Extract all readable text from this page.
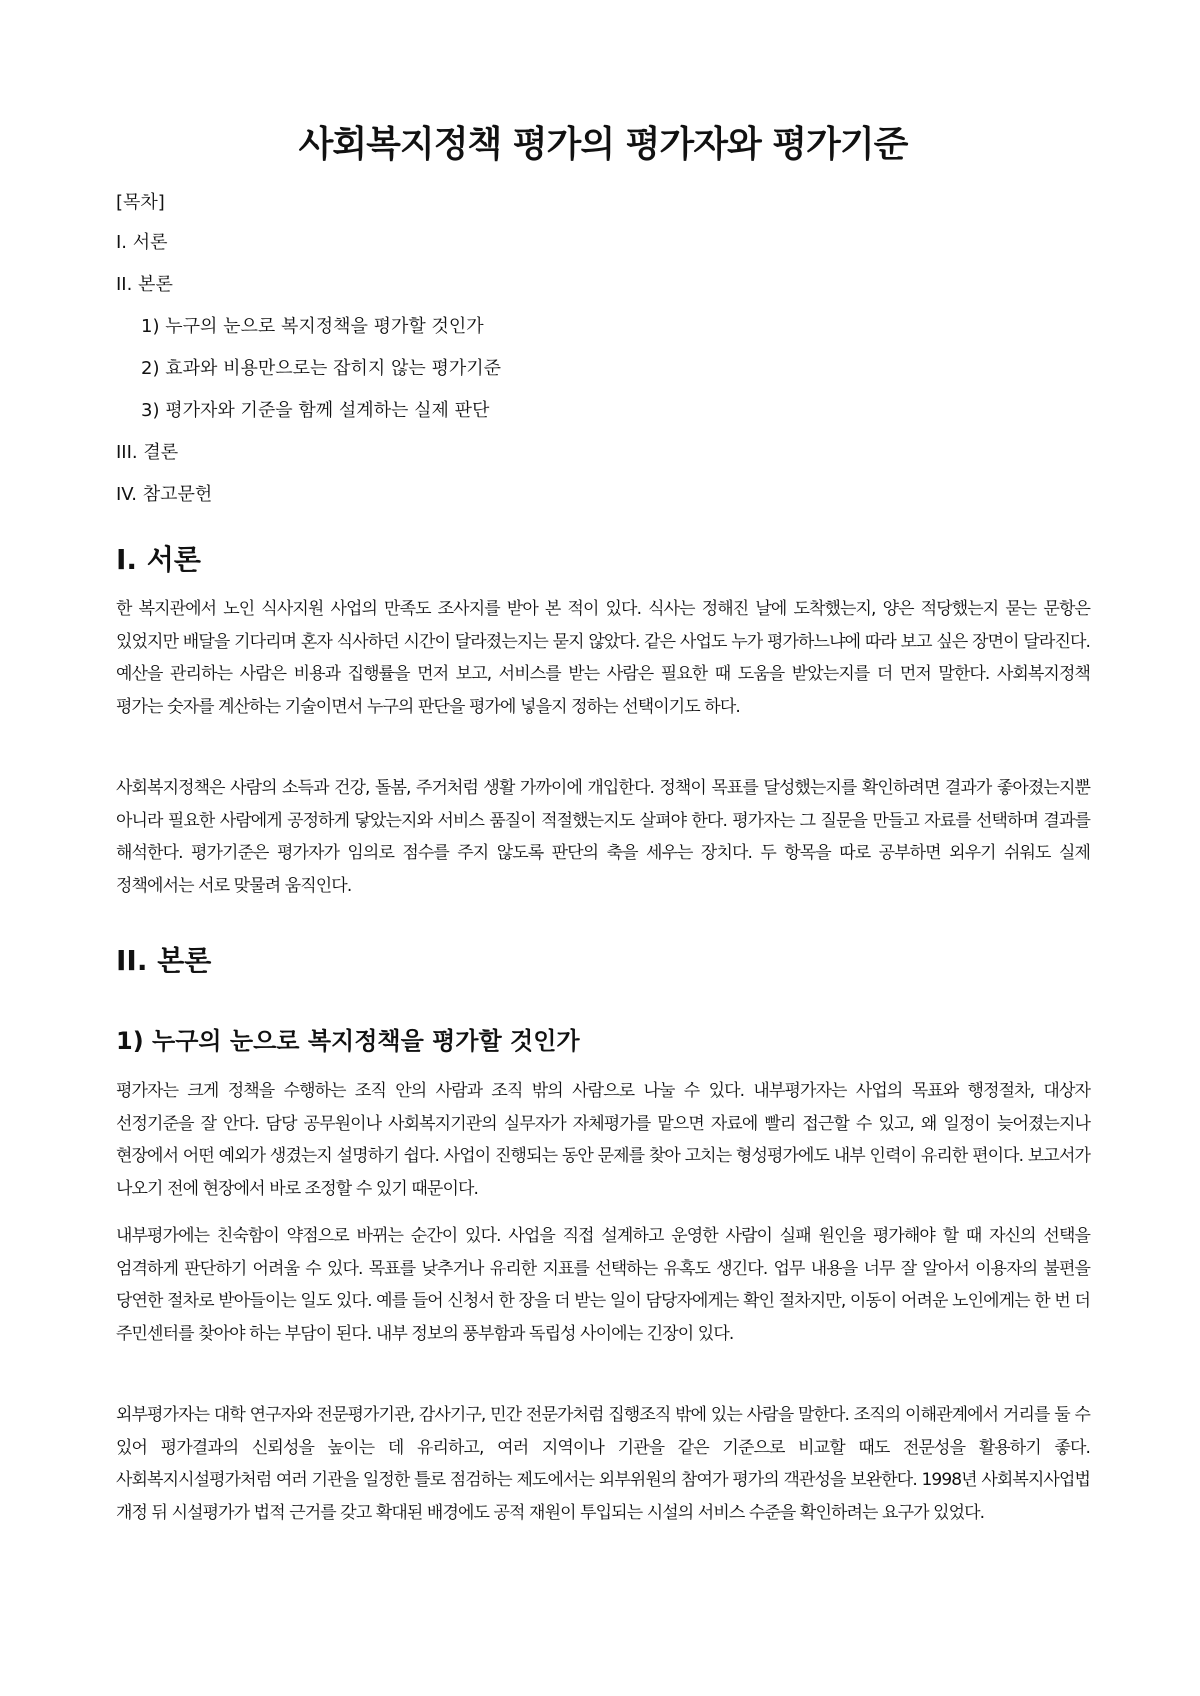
사회복지정책 평가의 평가자와 평가기준
[목차]
I. 서론
II. 본론
1) 누구의 눈으로 복지정책을 평가할 것인가
2) 효과와 비용만으로는 잡히지 않는 평가기준
3) 평가자와 기준을 함께 설계하는 실제 판단
III. 결론
IV. 참고문헌
I. 서론

한 복지관에서 노인 식사지원 사업의 만족도 조사지를 받아 본 적이 있다. 식사는 정해진 날에 도착했는지, 양은 적당했는지 묻는 문항은 있었지만 배달을 기다리며 혼자 식사하던 시간이 달라졌는지는 묻지 않았다. 같은 사업도 누가 평가하느냐에 따라 보고 싶은 장면이 달라진다. 예산을 관리하는 사람은 비용과 집행률을 먼저 보고, 서비스를 받는 사람은 필요한 때 도움을 받았는지를 더 먼저 말한다. 사회복지정책 평가는 숫자를 계산하는 기술이면서 누구의 판단을 평가에 넣을지 정하는 선택이기도 하다.

사회복지정책은 사람의 소득과 건강, 돌봄, 주거처럼 생활 가까이에 개입한다. 정책이 목표를 달성했는지를 확인하려면 결과가 좋아졌는지뿐 아니라 필요한 사람에게 공정하게 닿았는지와 서비스 품질이 적절했는지도 살펴야 한다. 평가자는 그 질문을 만들고 자료를 선택하며 결과를 해석한다. 평가기준은 평가자가 임의로 점수를 주지 않도록 판단의 축을 세우는 장치다. 두 항목을 따로 공부하면 외우기 쉬워도 실제 정책에서는 서로 맞물려 움직인다.

II. 본론
1) 누구의 눈으로 복지정책을 평가할 것인가

평가자는 크게 정책을 수행하는 조직 안의 사람과 조직 밖의 사람으로 나눌 수 있다. 내부평가자는 사업의 목표와 행정절차, 대상자 선정기준을 잘 안다. 담당 공무원이나 사회복지기관의 실무자가 자체평가를 맡으면 자료에 빨리 접근할 수 있고, 왜 일정이 늦어졌는지나 현장에서 어떤 예외가 생겼는지 설명하기 쉽다. 사업이 진행되는 동안 문제를 찾아 고치는 형성평가에도 내부 인력이 유리한 편이다. 보고서가 나오기 전에 현장에서 바로 조정할 수 있기 때문이다.

내부평가에는 친숙함이 약점으로 바뀌는 순간이 있다. 사업을 직접 설계하고 운영한 사람이 실패 원인을 평가해야 할 때 자신의 선택을 엄격하게 판단하기 어려울 수 있다. 목표를 낮추거나 유리한 지표를 선택하는 유혹도 생긴다. 업무 내용을 너무 잘 알아서 이용자의 불편을 당연한 절차로 받아들이는 일도 있다. 예를 들어 신청서 한 장을 더 받는 일이 담당자에게는 확인 절차지만, 이동이 어려운 노인에게는 한 번 더 주민센터를 찾아야 하는 부담이 된다. 내부 정보의 풍부함과 독립성 사이에는 긴장이 있다.

외부평가자는 대학 연구자와 전문평가기관, 감사기구, 민간 전문가처럼 집행조직 밖에 있는 사람을 말한다. 조직의 이해관계에서 거리를 둘 수 있어 평가결과의 신뢰성을 높이는 데 유리하고, 여러 지역이나 기관을 같은 기준으로 비교할 때도 전문성을 활용하기 좋다. 사회복지시설평가처럼 여러 기관을 일정한 틀로 점검하는 제도에서는 외부위원의 참여가 평가의 객관성을 보완한다. 1998년 사회복지사업법 개정 뒤 시설평가가 법적 근거를 갖고 확대된 배경에도 공적 재원이 투입되는 시설의 서비스 수준을 확인하려는 요구가 있었다.
